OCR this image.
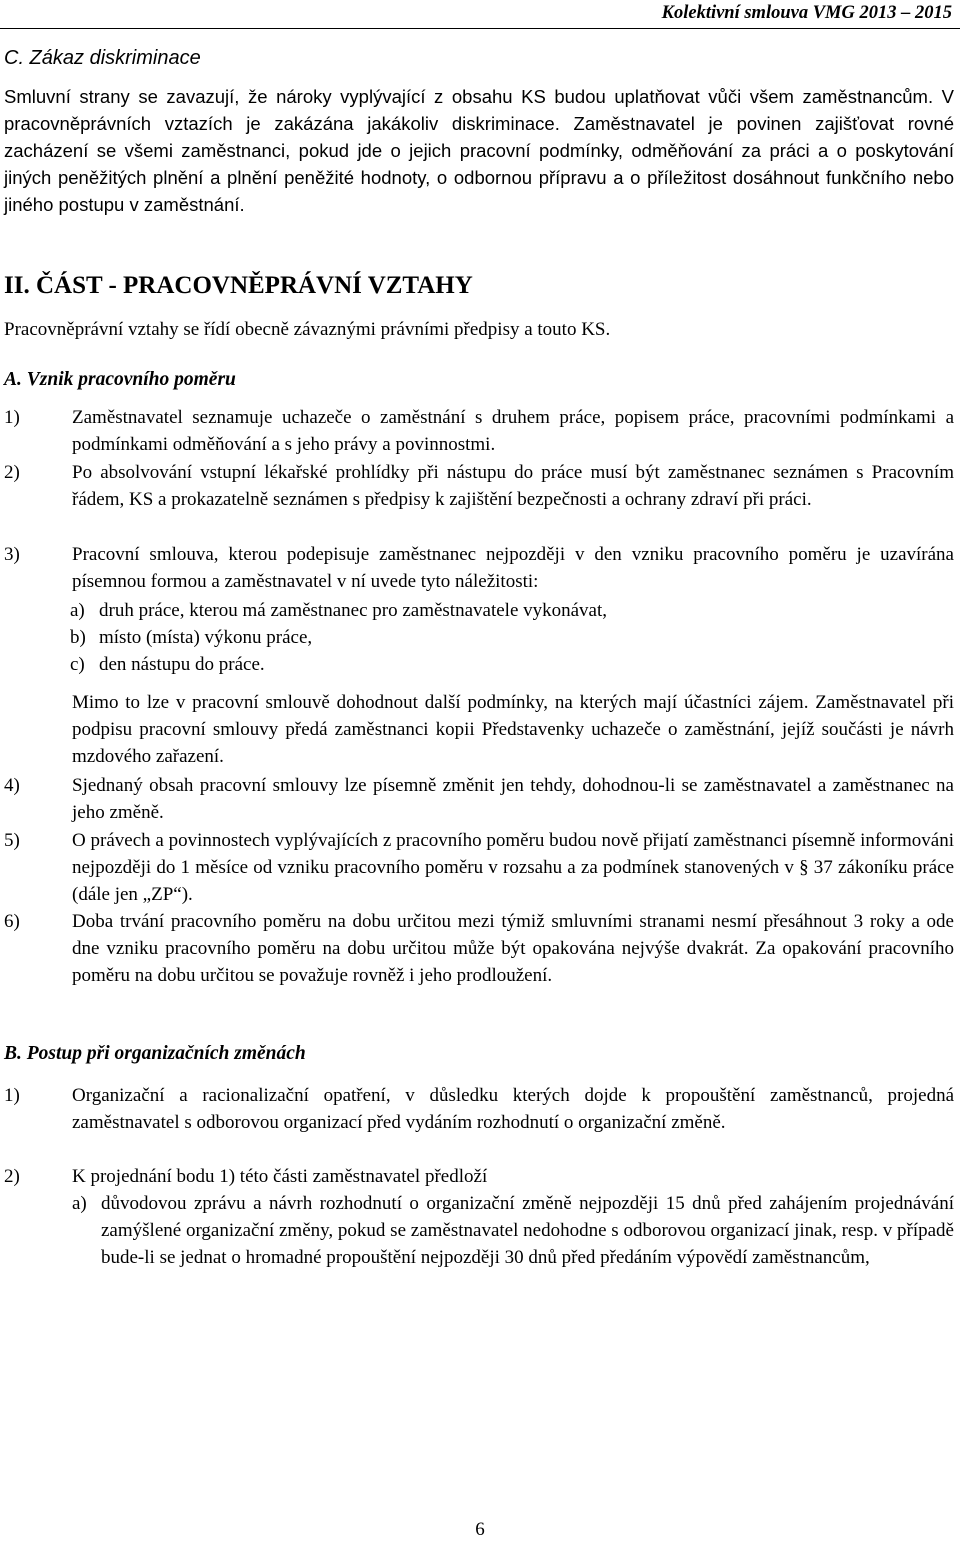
Kolektivní smlouva VMG 2013 – 2015
C. Zákaz diskriminace
Smluvní strany se zavazují, že nároky vyplývající z obsahu KS budou uplatňovat vůči všem zaměstnancům. V pracovněprávních vztazích je zakázána jakákoliv diskriminace. Zaměstnavatel je povinen zajišťovat rovné zacházení se všemi zaměstnanci, pokud jde o jejich pracovní podmínky, odměňování za práci a o poskytování jiných peněžitých plnění a plnění peněžité hodnoty, o odbornou přípravu a o příležitost dosáhnout funkčního nebo jiného postupu v zaměstnání.
II. ČÁST - PRACOVNĚPRÁVNÍ VZTAHY
Pracovněprávní vztahy se řídí obecně závaznými právními předpisy a touto KS.
A. Vznik pracovního poměru
1)	Zaměstnavatel seznamuje uchazeče o zaměstnání s druhem práce, popisem práce, pracovními podmínkami a podmínkami odměňování a s jeho právy a povinnostmi.
2)	Po absolvování vstupní lékařské prohlídky při nástupu do práce musí být zaměstnanec seznámen s Pracovním řádem, KS a prokazatelně seznámen s předpisy k zajištění bezpečnosti a ochrany zdraví při práci.
3)	Pracovní smlouva, kterou podepisuje zaměstnanec nejpozději v den vzniku pracovního poměru je uzavírána písemnou formou a zaměstnavatel v ní uvede tyto náležitosti:
a) druh práce, kterou má zaměstnanec pro zaměstnavatele vykonávat,
b) místo (místa) výkonu práce,
c) den nástupu do práce.
Mimo to lze v pracovní smlouvě dohodnout další podmínky, na kterých mají účastníci zájem. Zaměstnavatel při podpisu pracovní smlouvy předá zaměstnanci kopii Představenky uchazeče o zaměstnání, jejíž součásti je návrh mzdového zařazení.
4)	Sjednaný obsah pracovní smlouvy lze písemně změnit jen tehdy, dohodnou-li se zaměstnavatel a zaměstnanec na jeho změně.
5)	O právech a povinnostech vyplývajících z pracovního poměru budou nově přijatí zaměstnanci písemně informováni nejpozději do 1 měsíce od vzniku pracovního poměru v rozsahu a za podmínek stanovených v § 37 zákoníku práce (dále jen „ZP“).
6)	Doba trvání pracovního poměru na dobu určitou mezi týmiž smluvními stranami nesmí přesáhnout 3 roky a ode dne vzniku pracovního poměru na dobu určitou může být opakována nejvýše dvakrát. Za opakování pracovního poměru na dobu určitou se považuje rovněž i jeho prodloužení.
B. Postup při organizačních změnách
1)	Organizační a racionalizační opatření, v důsledku kterých dojde k propouštění zaměstnanců, projedná zaměstnavatel s odborovou organizací před vydáním rozhodnutí o organizační změně.
2)	K projednání bodu 1) této části zaměstnavatel předloží
a) důvodovou zprávu a návrh rozhodnutí o organizační změně nejpozději 15 dnů před zahájením projednávání zamýšlené organizační změny, pokud se zaměstnavatel nedohodne s odborovou organizací jinak, resp. v případě bude-li se jednat o hromadné propouštění nejpozději 30 dnů před předáním výpovědí zaměstnancům,
6
